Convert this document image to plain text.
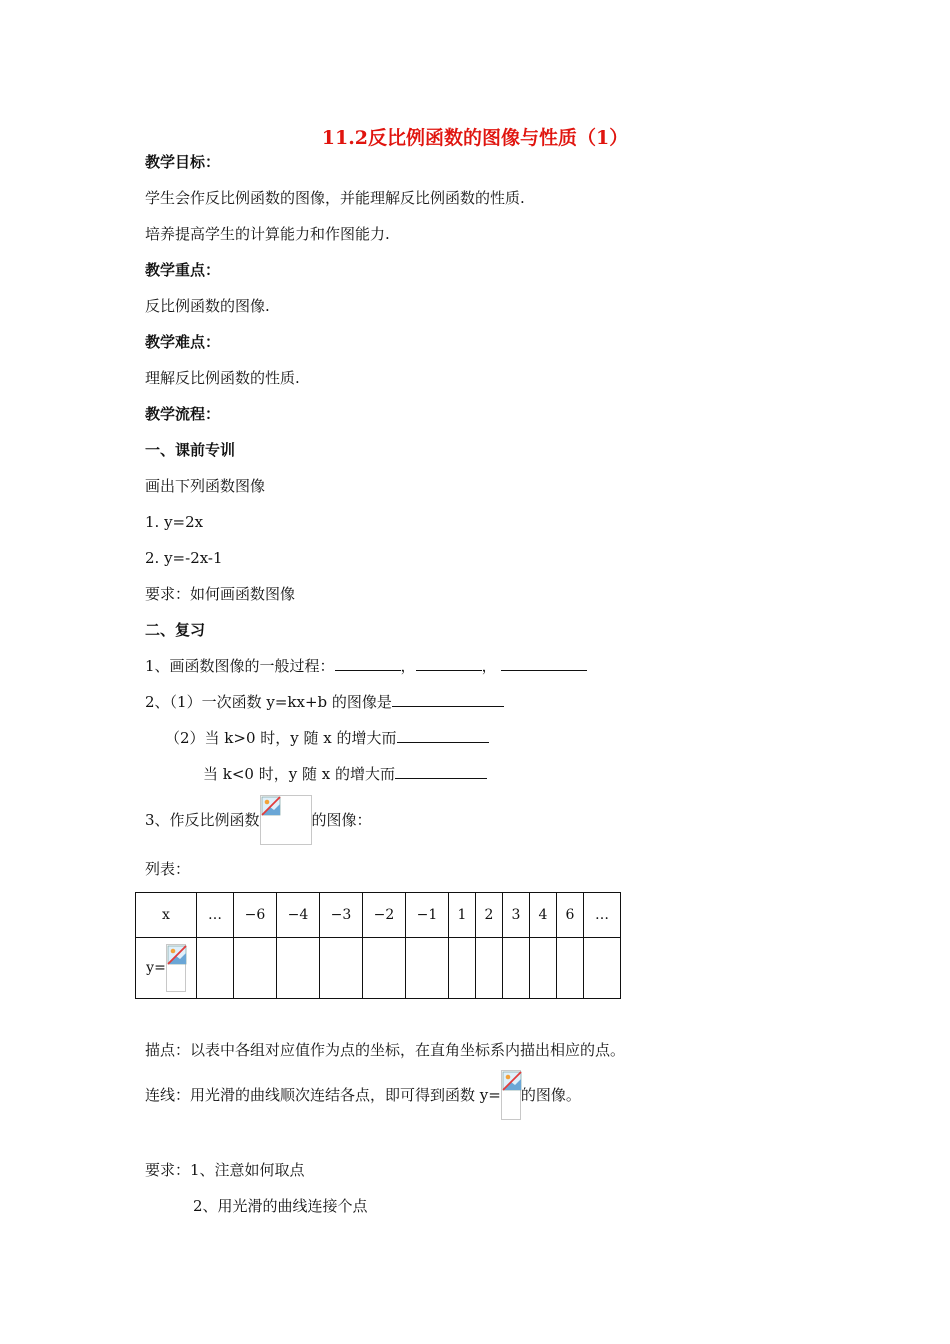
11.2反比例函数的图像与性质（1）
教学目标：
学生会作反比例函数的图像，并能理解反比例函数的性质.
培养提高学生的计算能力和作图能力.
教学重点：
反比例函数的图像.
教学难点：
理解反比例函数的性质.
教学流程：
一、课前专训
画出下列函数图像
1. y=2x
2. y=-2x-1
要求：如何画函数图像
二、复习
1、画函数图像的一般过程：	，	，
2、（1）一次函数 y=kx+b 的图像是
（2）当 k>0 时，y 随 x 的增大而
当 k<0 时，y 随 x 的增大而
3、作反比例函数	的图像：
列表：
x	…	−6	−4	−3	−2	−1	1	2	3	4	6	…
y=

描点：以表中各组对应值作为点的坐标，在直角坐标系内描出相应的点。
连线：用光滑的曲线顺次连结各点，即可得到函数 y= 的图像。
要求：1、注意如何取点
2、用光滑的曲线连接个点
